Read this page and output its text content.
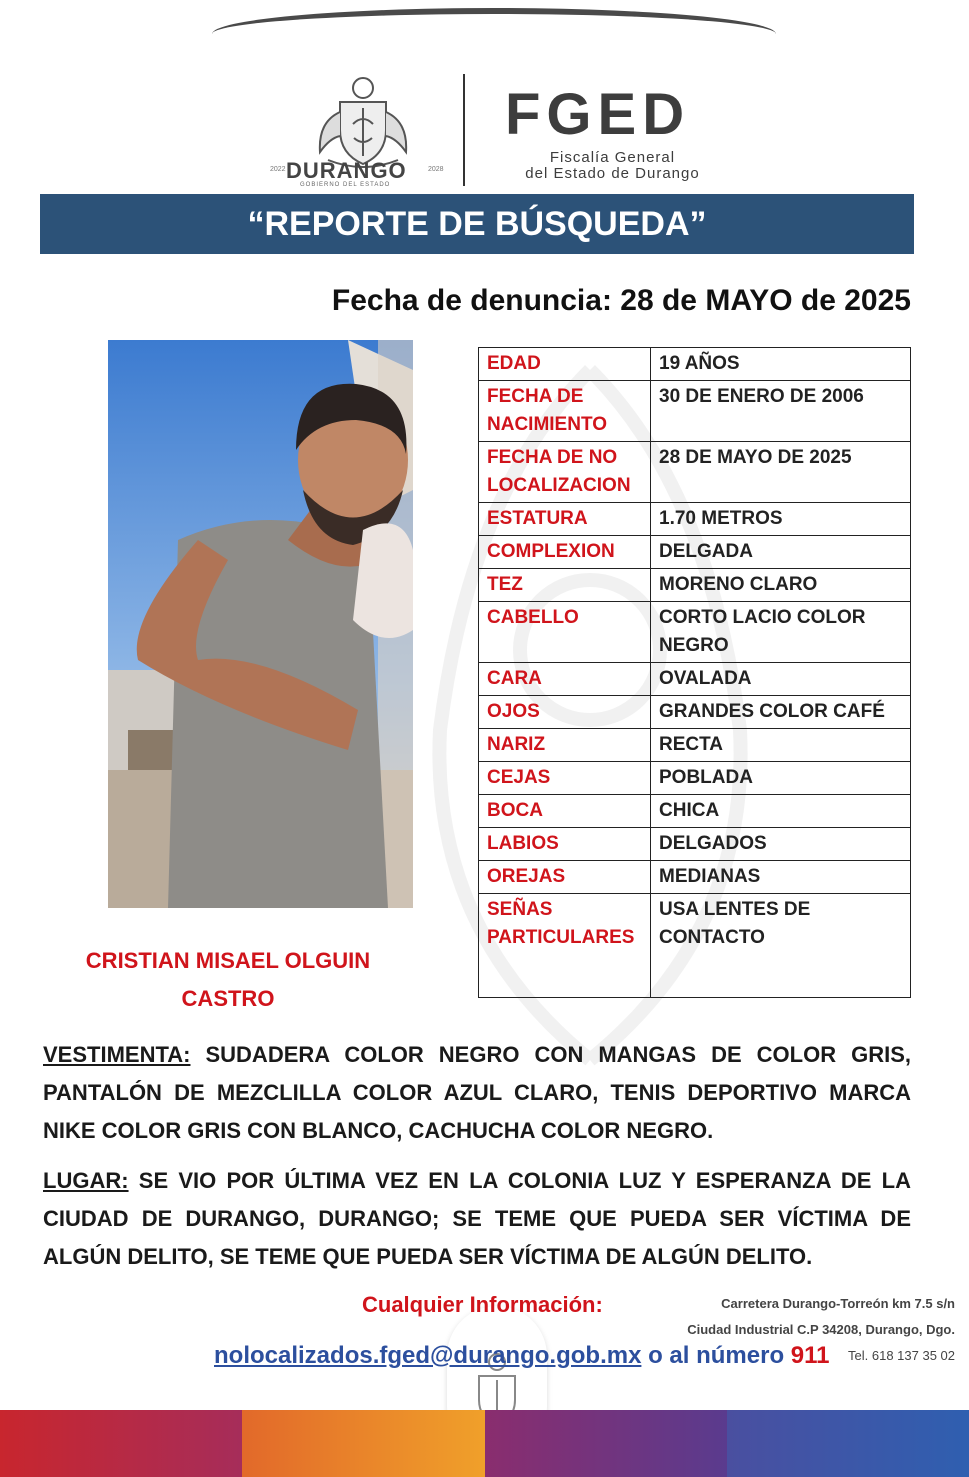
2022 DURANGO	2028
GOBIERNO DEL ESTADO
FGED
Fiscalía General
del Estado de Durango
“REPORTE DE BÚSQUEDA”
Fecha de denuncia: 28 de MAYO de 2025
EDAD	19 AÑOS
FECHA DE NACIMIENTO	30 DE ENERO DE 2006
FECHA DE NO LOCALIZACION	28 DE MAYO DE 2025
ESTATURA	1.70 METROS
COMPLEXION	DELGADA
TEZ	MORENO CLARO
CABELLO	CORTO LACIO COLOR NEGRO
CARA	OVALADA
OJOS	GRANDES COLOR CAFÉ
NARIZ	RECTA
CEJAS	POBLADA
BOCA	CHICA
LABIOS	DELGADOS
OREJAS	MEDIANAS
SEÑAS PARTICULARES	USA LENTES DE CONTACTO
CRISTIAN MISAEL OLGUIN CASTRO
VESTIMENTA: SUDADERA COLOR NEGRO CON MANGAS DE COLOR GRIS, PANTALÓN DE MEZCLILLA COLOR AZUL CLARO, TENIS DEPORTIVO MARCA NIKE COLOR GRIS CON BLANCO, CACHUCHA COLOR NEGRO.
LUGAR: SE VIO POR ÚLTIMA VEZ EN LA COLONIA LUZ Y ESPERANZA DE LA CIUDAD DE DURANGO, DURANGO; SE TEME QUE PUEDA SER VÍCTIMA DE ALGÚN DELITO, SE TEME QUE PUEDA SER VÍCTIMA DE ALGÚN DELITO.
Cualquier Información:	Carretera Durango-Torreón km 7.5 s/n
Ciudad Industrial C.P 34208, Durango, Dgo.
Tel. 618 137 35 02
nolocalizados.fged@durango.gob.mx o al número 911
